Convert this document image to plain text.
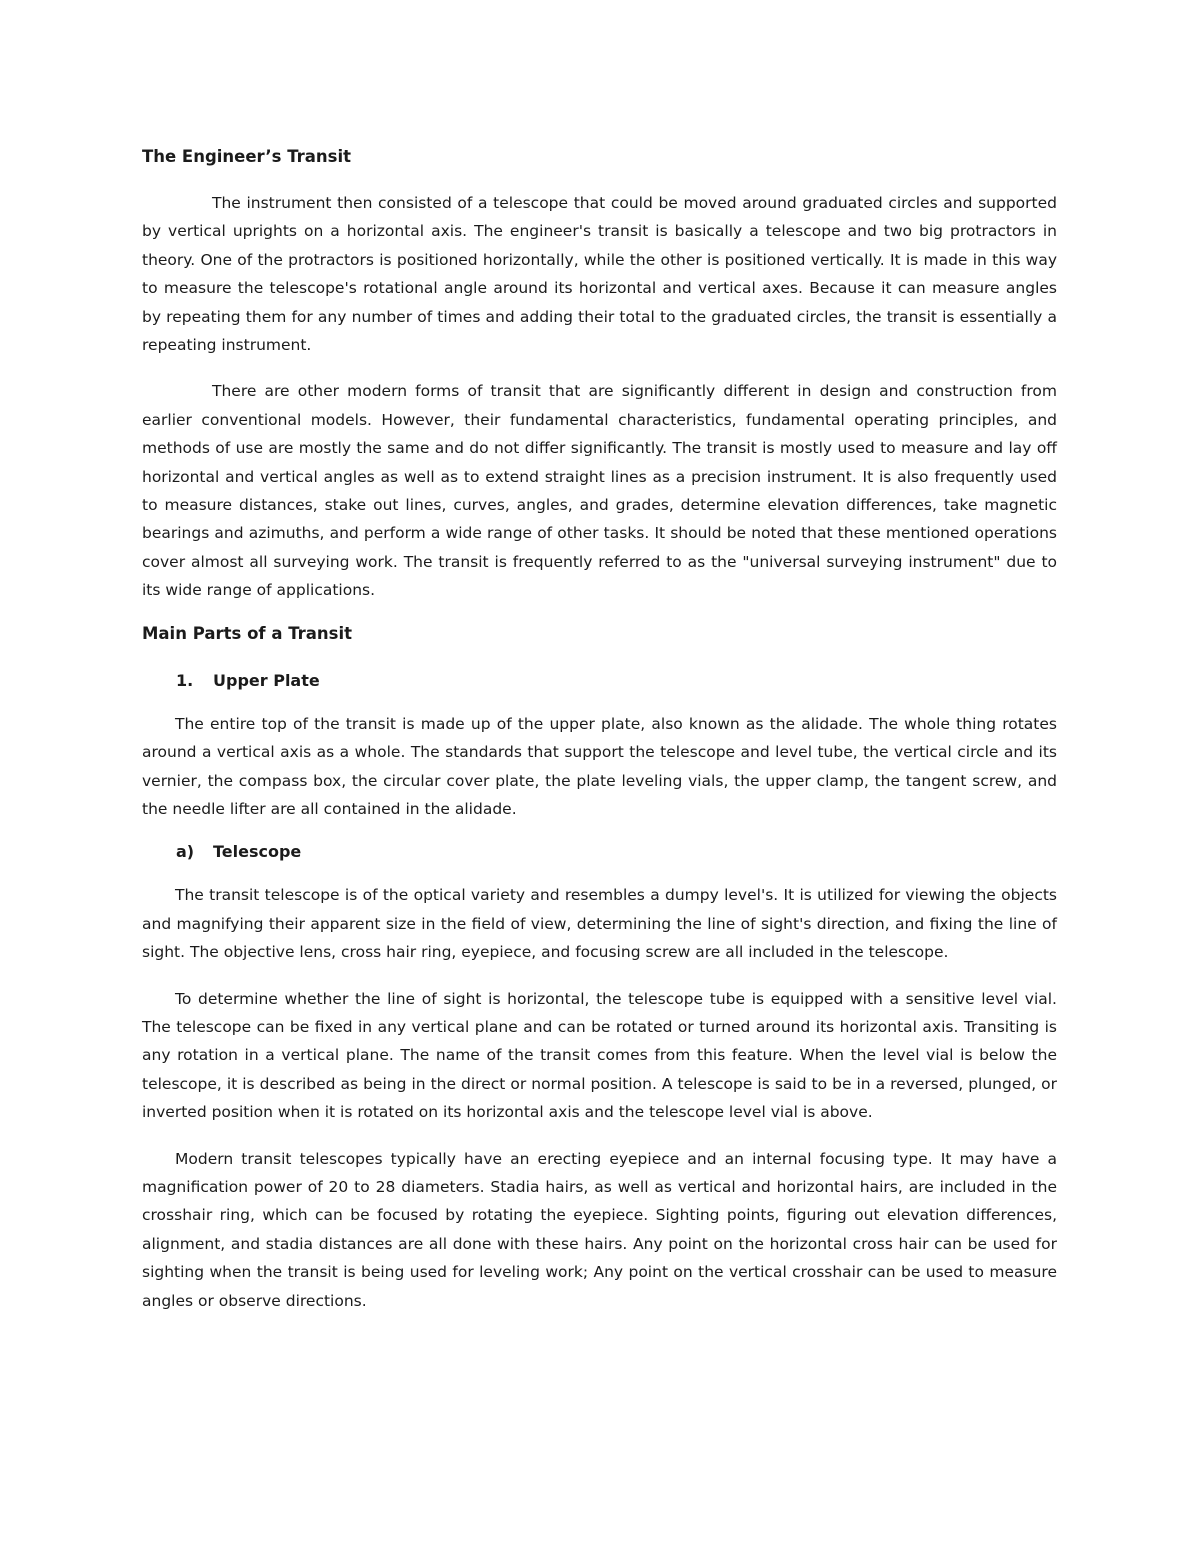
The Engineer’s Transit

The instrument then consisted of a telescope that could be moved around graduated circles and supported by vertical uprights on a horizontal axis. The engineer's transit is basically a telescope and two big protractors in theory. One of the protractors is positioned horizontally, while the other is positioned vertically. It is made in this way to measure the telescope's rotational angle around its horizontal and vertical axes. Because it can measure angles by repeating them for any number of times and adding their total to the graduated circles, the transit is essentially a repeating instrument.

There are other modern forms of transit that are significantly different in design and construction from earlier conventional models. However, their fundamental characteristics, fundamental operating principles, and methods of use are mostly the same and do not differ significantly. The transit is mostly used to measure and lay off horizontal and vertical angles as well as to extend straight lines as a precision instrument. It is also frequently used to measure distances, stake out lines, curves, angles, and grades, determine elevation differences, take magnetic bearings and azimuths, and perform a wide range of other tasks. It should be noted that these mentioned operations cover almost all surveying work. The transit is frequently referred to as the "universal surveying instrument" due to its wide range of applications.

Main Parts of a Transit
1.	Upper Plate

The entire top of the transit is made up of the upper plate, also known as the alidade. The whole thing rotates around a vertical axis as a whole. The standards that support the telescope and level tube, the vertical circle and its vernier, the compass box, the circular cover plate, the plate leveling vials, the upper clamp, the tangent screw, and the needle lifter are all contained in the alidade.

a)	Telescope

The transit telescope is of the optical variety and resembles a dumpy level's. It is utilized for viewing the objects and magnifying their apparent size in the field of view, determining the line of sight's direction, and fixing the line of sight. The objective lens, cross hair ring, eyepiece, and focusing screw are all included in the telescope.

To determine whether the line of sight is horizontal, the telescope tube is equipped with a sensitive level vial. The telescope can be fixed in any vertical plane and can be rotated or turned around its horizontal axis. Transiting is any rotation in a vertical plane. The name of the transit comes from this feature. When the level vial is below the telescope, it is described as being in the direct or normal position. A telescope is said to be in a reversed, plunged, or inverted position when it is rotated on its horizontal axis and the telescope level vial is above.

Modern transit telescopes typically have an erecting eyepiece and an internal focusing type. It may have a magnification power of 20 to 28 diameters. Stadia hairs, as well as vertical and horizontal hairs, are included in the crosshair ring, which can be focused by rotating the eyepiece. Sighting points, figuring out elevation differences, alignment, and stadia distances are all done with these hairs. Any point on the horizontal cross hair can be used for sighting when the transit is being used for leveling work; Any point on the vertical crosshair can be used to measure angles or observe directions.
